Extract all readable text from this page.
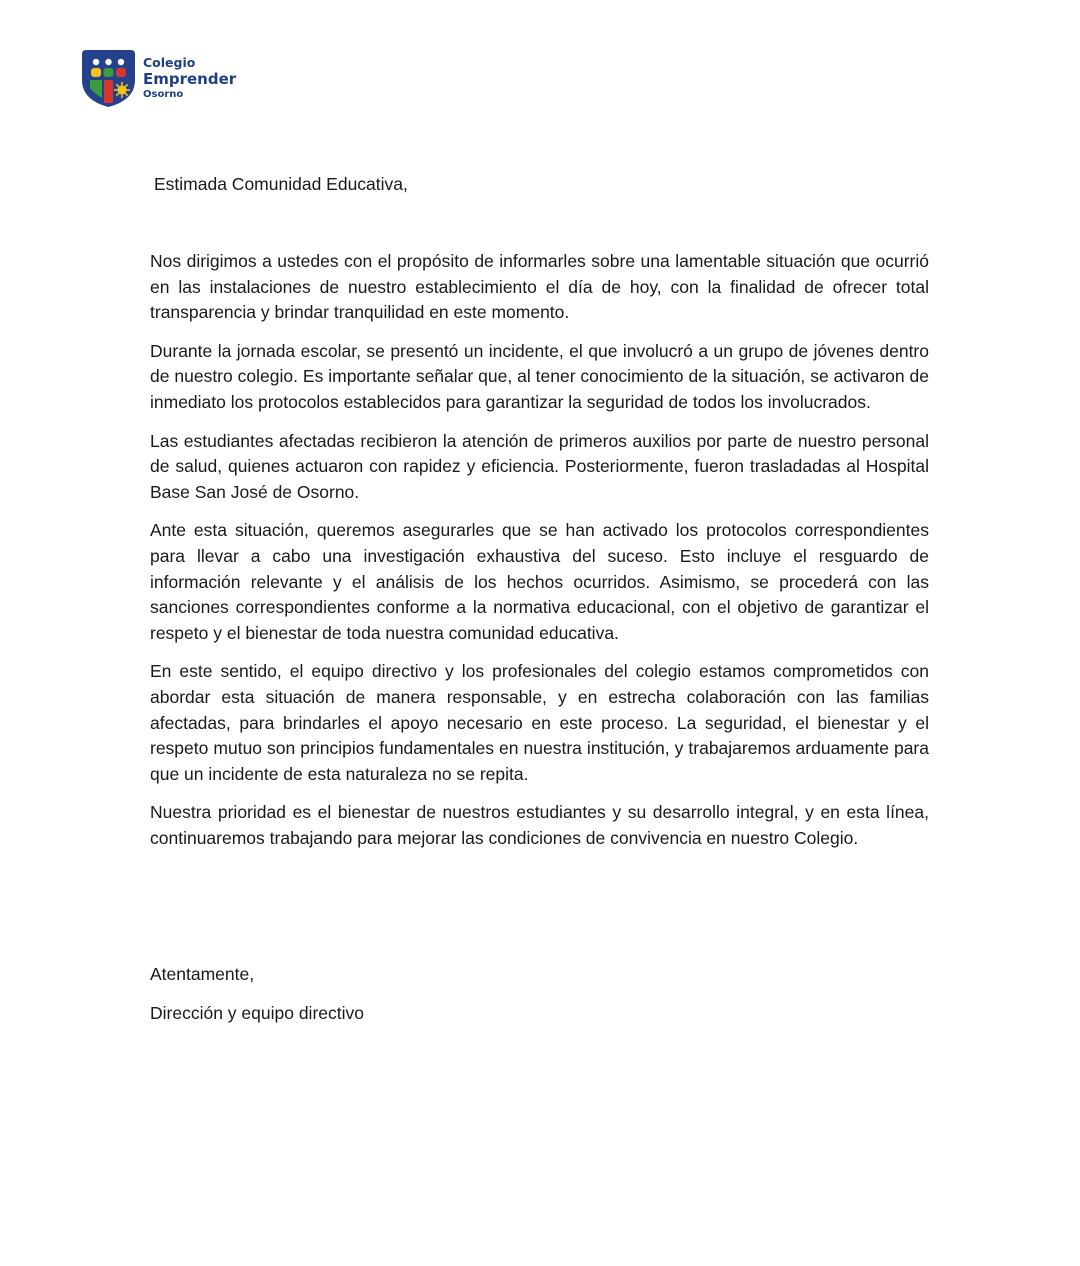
Colegio
Emprender
Osorno

Estimada Comunidad Educativa,

Nos dirigimos a ustedes con el propósito de informarles sobre una lamentable situación que ocurrió en las instalaciones de nuestro establecimiento el día de hoy, con la finalidad de ofrecer total transparencia y brindar tranquilidad en este momento.

Durante la jornada escolar, se presentó un incidente, el que involucró a un grupo de jóvenes dentro de nuestro colegio. Es importante señalar que, al tener conocimiento de la situación, se activaron de inmediato los protocolos establecidos para garantizar la seguridad de todos los involucrados.

Las estudiantes afectadas recibieron la atención de primeros auxilios por parte de nuestro personal de salud, quienes actuaron con rapidez y eficiencia. Posteriormente, fueron trasladadas al Hospital Base San José de Osorno.

Ante esta situación, queremos asegurarles que se han activado los protocolos correspondientes para llevar a cabo una investigación exhaustiva del suceso. Esto incluye el resguardo de información relevante y el análisis de los hechos ocurridos. Asimismo, se procederá con las sanciones correspondientes conforme a la normativa educacional, con el objetivo de garantizar el respeto y el bienestar de toda nuestra comunidad educativa.

En este sentido, el equipo directivo y los profesionales del colegio estamos comprometidos con abordar esta situación de manera responsable, y en estrecha colaboración con las familias afectadas, para brindarles el apoyo necesario en este proceso. La seguridad, el bienestar y el respeto mutuo son principios fundamentales en nuestra institución, y trabajaremos arduamente para que un incidente de esta naturaleza no se repita.

Nuestra prioridad es el bienestar de nuestros estudiantes y su desarrollo integral, y en esta línea, continuaremos trabajando para mejorar las condiciones de convivencia en nuestro Colegio.

Atentamente,

Dirección y equipo directivo
